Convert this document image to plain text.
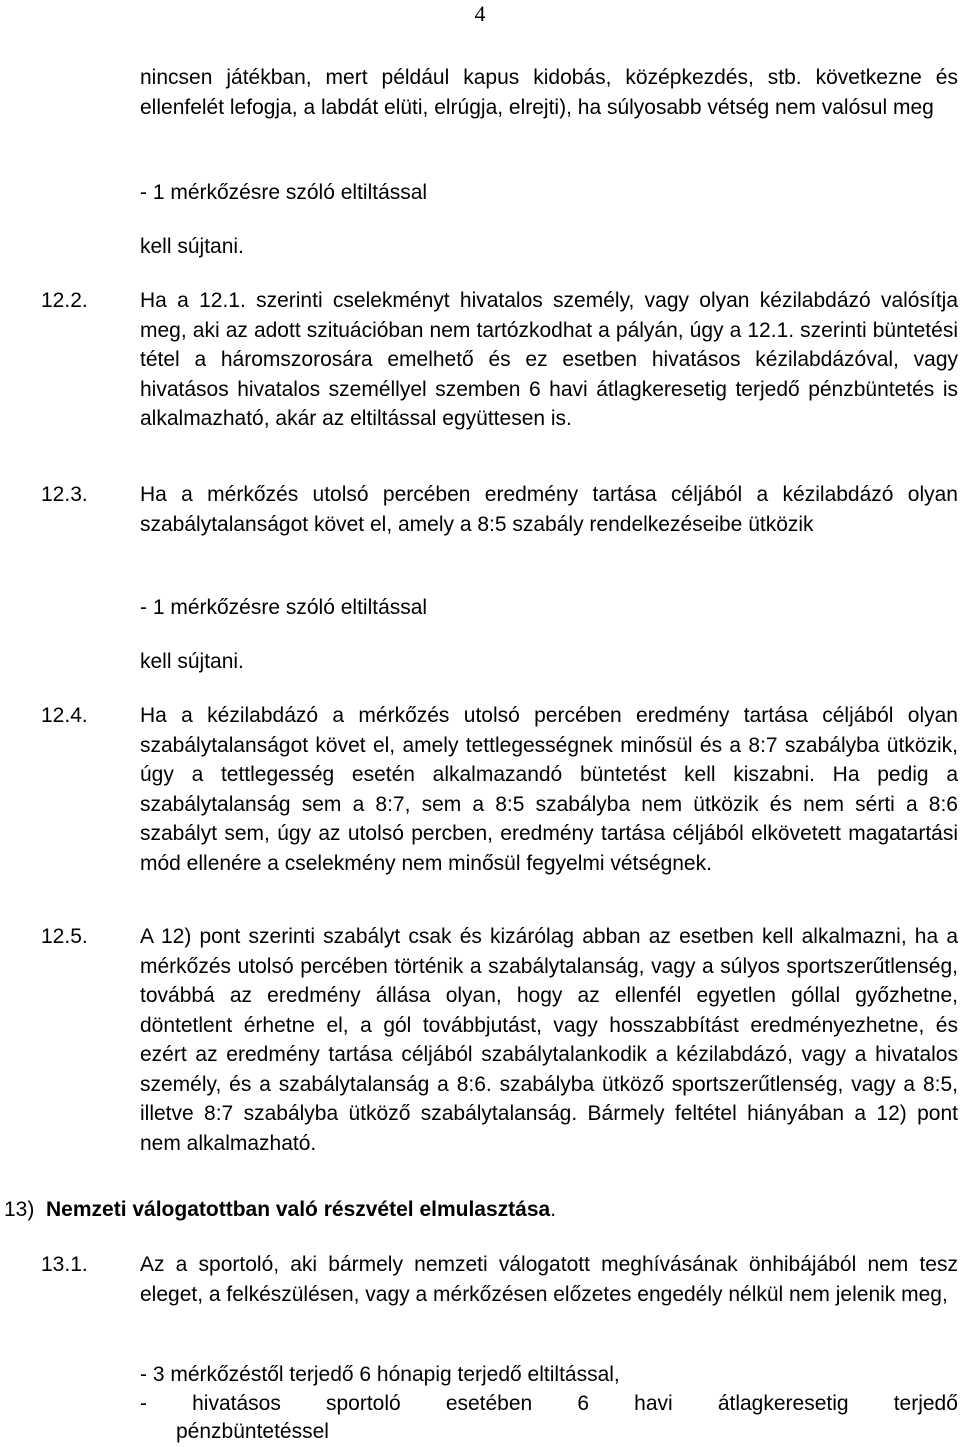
4

nincsen játékban, mert például kapus kidobás, középkezdés, stb. következne és ellenfelét lefogja, a labdát elüti, elrúgja, elrejti), ha súlyosabb vétség nem valósul meg

- 1 mérkőzésre szóló eltiltással
kell sújtani.
12.2. Ha a 12.1. szerinti cselekményt hivatalos személy, vagy olyan kézilabdázó valósítja meg, aki az adott szituációban nem tartózkodhat a pályán, úgy a 12.1. szerinti büntetési tétel a háromszorosára emelhető és ez esetben hivatásos kézilabdázóval, vagy hivatásos hivatalos személlyel szemben 6 havi átlagkeresetig terjedő pénzbüntetés is alkalmazható, akár az eltiltással együttesen is.
12.3. Ha a mérkőzés utolsó percében eredmény tartása céljából a kézilabdázó olyan szabálytalanságot követ el, amely a 8:5 szabály rendelkezéseibe ütközik
- 1 mérkőzésre szóló eltiltással
kell sújtani.
12.4. Ha a kézilabdázó a mérkőzés utolsó percében eredmény tartása céljából olyan szabálytalanságot követ el, amely tettlegességnek minősül és a 8:7 szabályba ütközik, úgy a tettlegesség esetén alkalmazandó büntetést kell kiszabni. Ha pedig a szabálytalanság sem a 8:7, sem a 8:5 szabályba nem ütközik és nem sérti a 8:6 szabályt sem, úgy az utolsó percben, eredmény tartása céljából elkövetett magatartási mód ellenére a cselekmény nem minősül fegyelmi vétségnek.
12.5. A 12) pont szerinti szabályt csak és kizárólag abban az esetben kell alkalmazni, ha a mérkőzés utolsó percében történik a szabálytalanság, vagy a súlyos sportszerűtlenség, továbbá az eredmény állása olyan, hogy az ellenfél egyetlen góllal győzhetne, döntetlent érhetne el, a gól továbbjutást, vagy hosszabbítást eredményezhetne, és ezért az eredmény tartása céljából szabálytalankodik a kézilabdázó, vagy a hivatalos személy, és a szabálytalanság a 8:6. szabályba ütköző sportszerűtlenség, vagy a 8:5, illetve 8:7 szabályba ütköző szabálytalanság. Bármely feltétel hiányában a 12) pont nem alkalmazható.
13) Nemzeti válogatottban való részvétel elmulasztása.
13.1. Az a sportoló, aki bármely nemzeti válogatott meghívásának önhibájából nem tesz eleget, a felkészülésen, vagy a mérkőzésen előzetes engedély nélkül nem jelenik meg,
- 3 mérkőzéstől terjedő 6 hónapig terjedő eltiltással,
- hivatásos sportoló esetében 6 havi átlagkeresetig terjedő
pénzbüntetéssel
